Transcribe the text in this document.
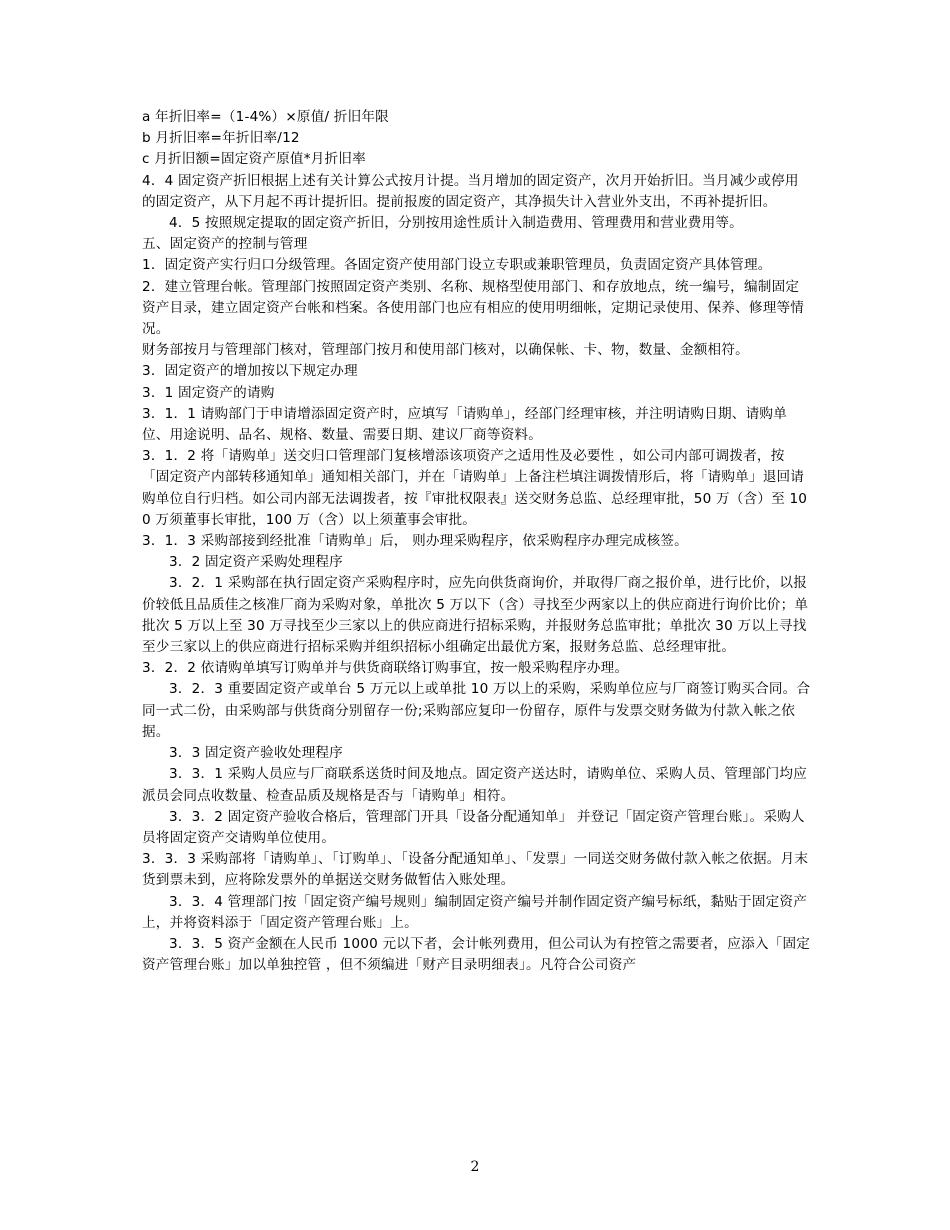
a 年折旧率=（1-4%）×原值/ 折旧年限

b 月折旧率=年折旧率/12

c 月折旧额=固定资产原值*月折旧率

4．4 固定资产折旧根据上述有关计算公式按月计提。当月增加的固定资产，次月开始折旧。当月减少或停用的固定资产，从下月起不再计提折旧。提前报废的固定资产，其净损失计入营业外支出，不再补提折旧。

4．5 按照规定提取的固定资产折旧，分别按用途性质计入制造费用、管理费用和营业费用等。

五、固定资产的控制与管理

1．固定资产实行归口分级管理。各固定资产使用部门设立专职或兼职管理员，负责固定资产具体管理。

2．建立管理台帐。管理部门按照固定资产类别、名称、规格型使用部门、和存放地点，统一编号，编制固定资产目录，建立固定资产台帐和档案。各使用部门也应有相应的使用明细帐，定期记录使用、保养、修理等情况。

财务部按月与管理部门核对，管理部门按月和使用部门核对，以确保帐、卡、物，数量、金额相符。

3．固定资产的增加按以下规定办理

3．1 固定资产的请购

3．1．1 请购部门于申请增添固定资产时，应填写「请购单」，经部门经理审核，并注明请购日期、请购单位、用途说明、品名、规格、数量、需要日期、建议厂商等资料。

3．1．2 将「请购单」送交归口管理部门复核增添该项资产之适用性及必要性 ，如公司内部可调拨者，按「固定资产内部转移通知单」通知相关部门，并在「请购单」上备注栏填注调拨情形后，将「请购单」退回请购单位自行归档。如公司内部无法调拨者，按『审批权限表』送交财务总监、总经理审批，50 万（含）至 100 万须董事长审批，100 万（含）以上须董事会审批。

3．1．3 采购部接到经批准「请购单」后， 则办理采购程序，依采购程序办理完成核签。

3．2 固定资产采购处理程序

3．2．1 采购部在执行固定资产采购程序时，应先向供货商询价，并取得厂商之报价单，进行比价，以报价较低且品质佳之核准厂商为采购对象，单批次 5 万以下（含）寻找至少两家以上的供应商进行询价比价；单批次 5 万以上至 30 万寻找至少三家以上的供应商进行招标采购，并报财务总监审批；单批次 30 万以上寻找至少三家以上的供应商进行招标采购并组织招标小组确定出最优方案，报财务总监、总经理审批。

3．2．2 依请购单填写订购单并与供货商联络订购事宜，按一般采购程序办理。

3．2．3 重要固定资产或单台 5 万元以上或单批 10 万以上的采购，采购单位应与厂商签订购买合同。合同一式二份，由采购部与供货商分别留存一份;采购部应复印一份留存，原件与发票交财务做为付款入帐之依据。

3．3 固定资产验收处理程序

3．3．1 采购人员应与厂商联系送货时间及地点。固定资产送达时，请购单位、采购人员、管理部门均应派员会同点收数量、检查品质及规格是否与「请购单」相符。

3．3．2 固定资产验收合格后，管理部门开具「设备分配通知单」 并登记「固定资产管理台账」。采购人员将固定资产交请购单位使用。

3．3．3 采购部将「请购单」、「订购单」、「设备分配通知单」、「发票」一同送交财务做付款入帐之依据。月末货到票未到，应将除发票外的单据送交财务做暂估入账处理。

3．3．4 管理部门按「固定资产编号规则」编制固定资产编号并制作固定资产编号标纸，黏贴于固定资产上，并将资料添于「固定资产管理台账」上。

3．3．5 资产金额在人民币 1000 元以下者，会计帐列费用，但公司认为有控管之需要者，应添入「固定资产管理台账」加以单独控管 ，但不须编进「财产目录明细表」。凡符合公司资产

2
